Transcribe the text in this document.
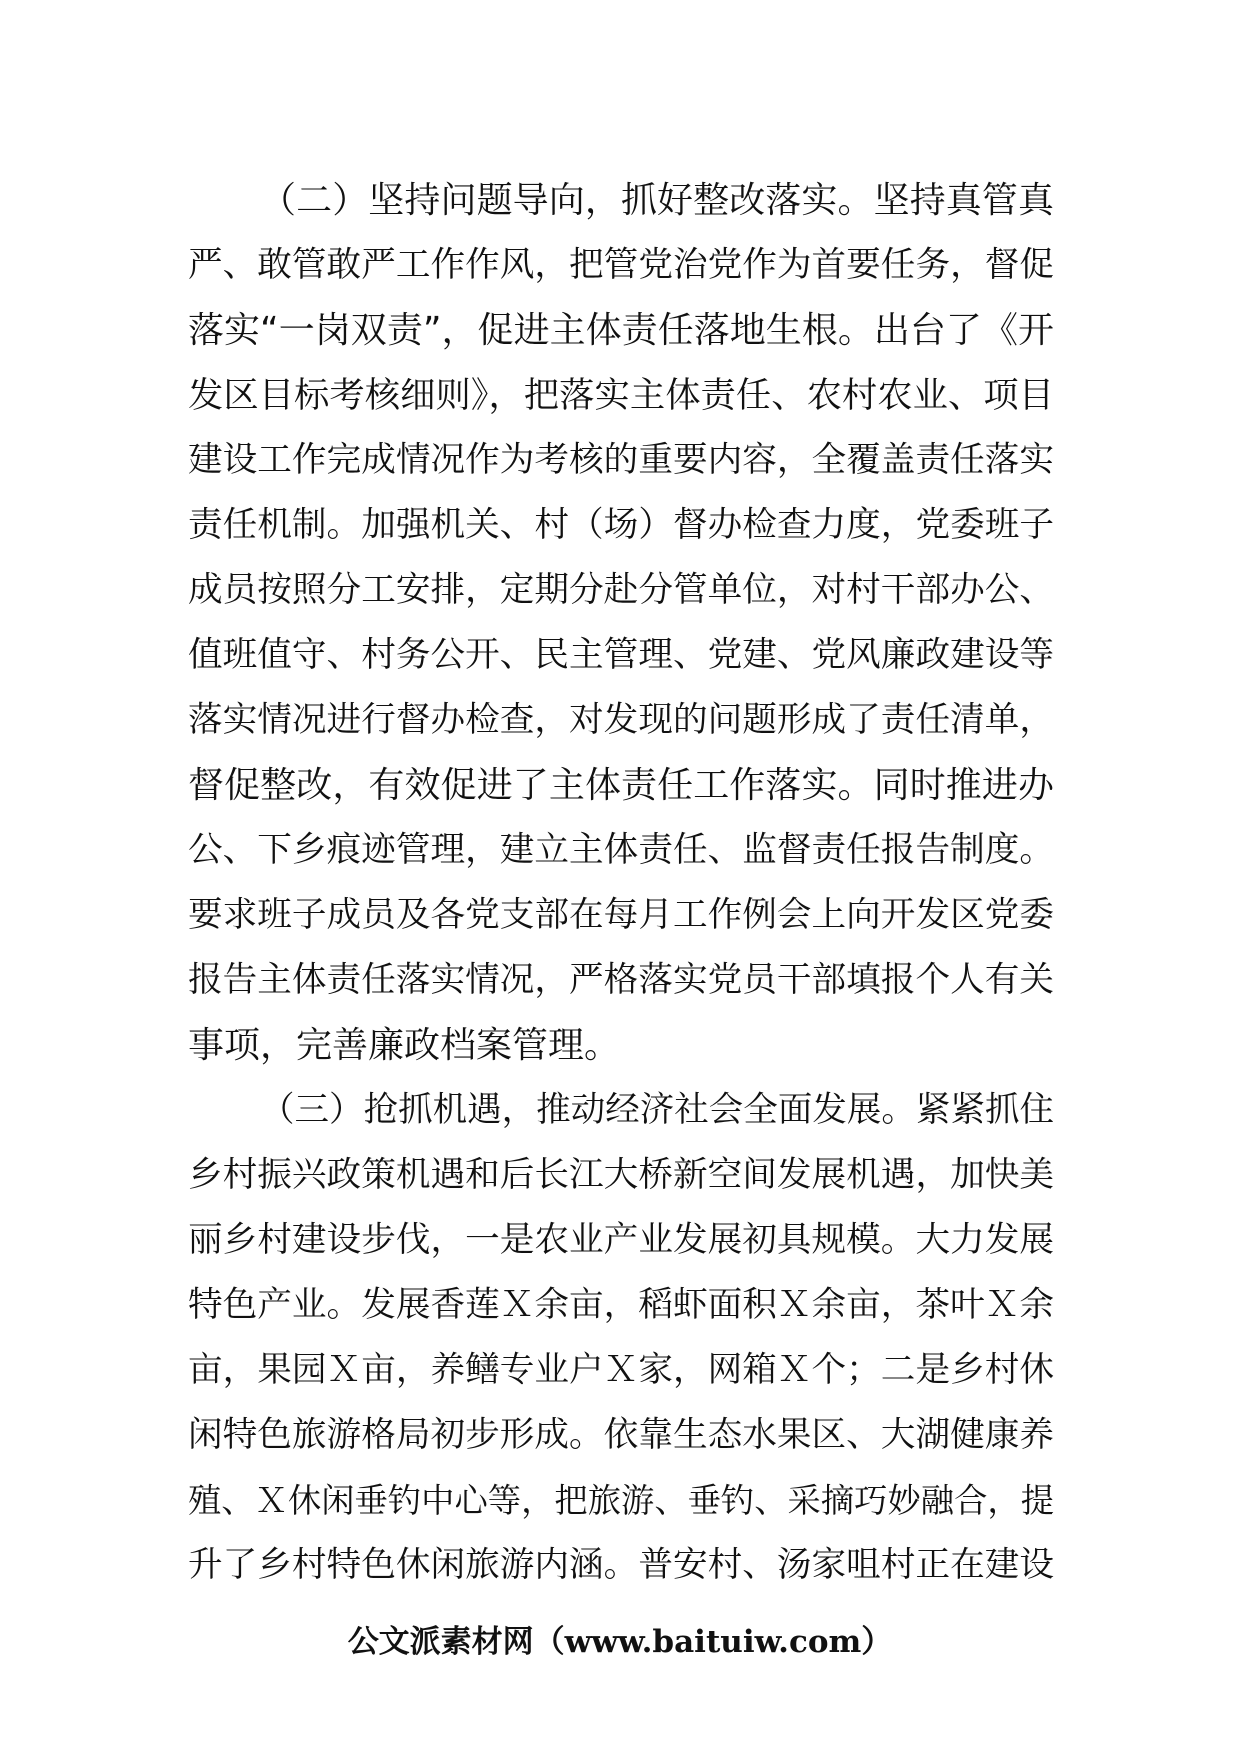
（二）坚持问题导向，抓好整改落实。坚持真管真
严、敢管敢严工作作风，把管党治党作为首要任务，督促
落实“一岗双责”，促进主体责任落地生根。出台了《开
发区目标考核细则》，把落实主体责任、农村农业、项目
建设工作完成情况作为考核的重要内容，全覆盖责任落实
责任机制。加强机关、村（场）督办检查力度，党委班子
成员按照分工安排，定期分赴分管单位，对村干部办公、
值班值守、村务公开、民主管理、党建、党风廉政建设等
落实情况进行督办检查，对发现的问题形成了责任清单，
督促整改，有效促进了主体责任工作落实。同时推进办
公、下乡痕迹管理，建立主体责任、监督责任报告制度。
要求班子成员及各党支部在每月工作例会上向开发区党委
报告主体责任落实情况，严格落实党员干部填报个人有关
事项，完善廉政档案管理。
（三）抢抓机遇，推动经济社会全面发展。紧紧抓住
乡村振兴政策机遇和后长江大桥新空间发展机遇，加快美
丽乡村建设步伐，一是农业产业发展初具规模。大力发展
特色产业。发展香莲Ｘ余亩，稻虾面积Ｘ余亩，茶叶Ｘ余
亩，果园Ｘ亩，养鳝专业户Ｘ家，网箱Ｘ个；二是乡村休
闲特色旅游格局初步形成。依靠生态水果区、大湖健康养
殖、Ｘ休闲垂钓中心等，把旅游、垂钓、采摘巧妙融合，提
升了乡村特色休闲旅游内涵。普安村、汤家咀村正在建设
公文派素材网（www.baituiw.com）
